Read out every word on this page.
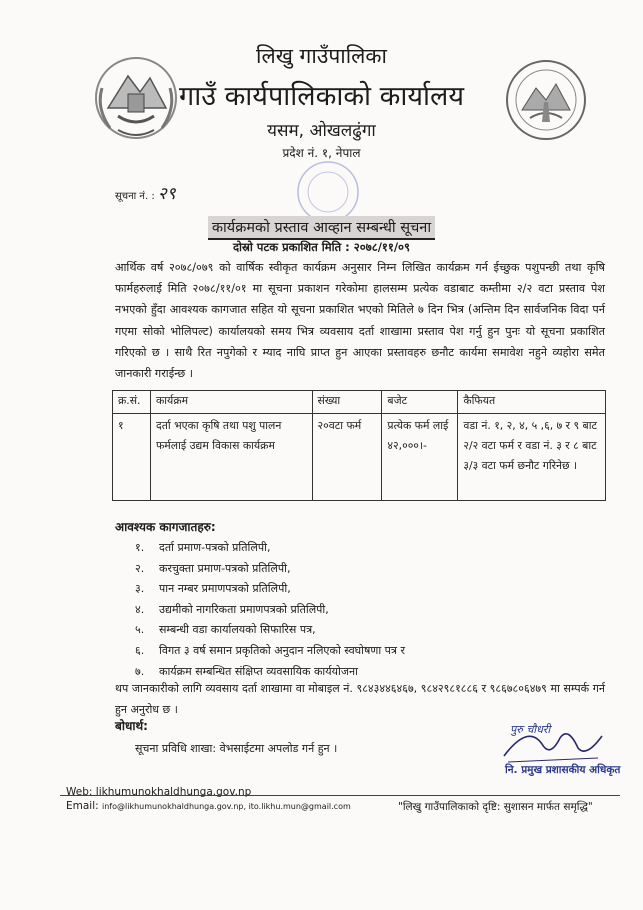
लिखु गाउँपालिका
गाउँ कार्यपालिकाको कार्यालय
यसम, ओखलढुंगा
प्रदेश नं. १, नेपाल
सूचना नं. : २९
कार्यक्रमको प्रस्ताव आव्हान सम्बन्धी सूचना
दोस्रो पटक प्रकाशित मिति : २०७८/११/०९
आर्थिक वर्ष २०७८/०७९ को वार्षिक स्वीकृत कार्यक्रम अनुसार निम्न लिखित कार्यक्रम गर्न ईच्छुक पशुपन्छी तथा कृषि फार्महरुलाई मिति २०७८/११/०१ मा सूचना प्रकाशन गरेकोमा हालसम्म प्रत्येक वडाबाट कम्तीमा २/२ वटा प्रस्ताव पेश नभएको हुँदा आवश्यक कागजात सहित यो सूचना प्रकाशित भएको मितिले ७ दिन भित्र (अन्तिम दिन सार्वजनिक विदा पर्न गएमा सोको भोलिपल्ट) कार्यालयको समय भित्र व्यवसाय दर्ता शाखामा प्रस्ताव पेश गर्नु हुन पुनः यो सूचना प्रकाशित गरिएको छ । साथै रित नपुगेको र म्याद नाघि प्राप्त हुन आएका प्रस्तावहरु छनौट कार्यमा समावेश नहुने व्यहोरा समेत जानकारी गराईन्छ ।
क्र.सं.	कार्यक्रम	संख्या	बजेट	कैफियत
१	दर्ता भएका कृषि तथा पशु पालन फर्मलाई उद्यम विकास कार्यक्रम	२०वटा फर्म	प्रत्येक फर्म लाई ४२,०००।-	वडा नं. १, २, ४, ५ ,६, ७ र ९ बाट २/२ वटा फर्म र वडा नं. ३ र ८ बाट ३/३ वटा फर्म छनौट गरिनेछ ।
आवश्यक कागजातहरु:
१. दर्ता प्रमाण-पत्रको प्रतिलिपी,
२. करचुक्ता प्रमाण-पत्रको प्रतिलिपी,
३. पान नम्बर प्रमाणपत्रको प्रतिलिपी,
४. उद्यमीको नागरिकता प्रमाणपत्रको प्रतिलिपी,
५. सम्बन्धी वडा कार्यालयको सिफारिस पत्र,
६. विगत ३ वर्ष समान प्रकृतिको अनुदान नलिएको स्वघोषणा पत्र र
७. कार्यक्रम सम्बन्धित संक्षिप्त व्यवसायिक कार्ययोजना
थप जानकारीको लागि व्यवसाय दर्ता शाखामा वा मोबाइल नं. ९८४३४४६४६७, ९८४२९८१८८६ र ९८६७८०६४७९ मा सम्पर्क गर्न हुन अनुरोध छ ।
बोधार्थ:
सूचना प्रविधि शाखा: वेभसाईटमा अपलोड गर्न हुन ।
पुरु चौधरी
नि. प्रमुख प्रशासकीय अधिकृत
Web: likhumunokhaldhunga.gov.np
Email: info@likhumunokhaldhunga.gov.np, ito.likhu.mun@gmail.com	"लिखु गाउँपालिकाको दृष्टि: सुशासन मार्फत समृद्धि"
